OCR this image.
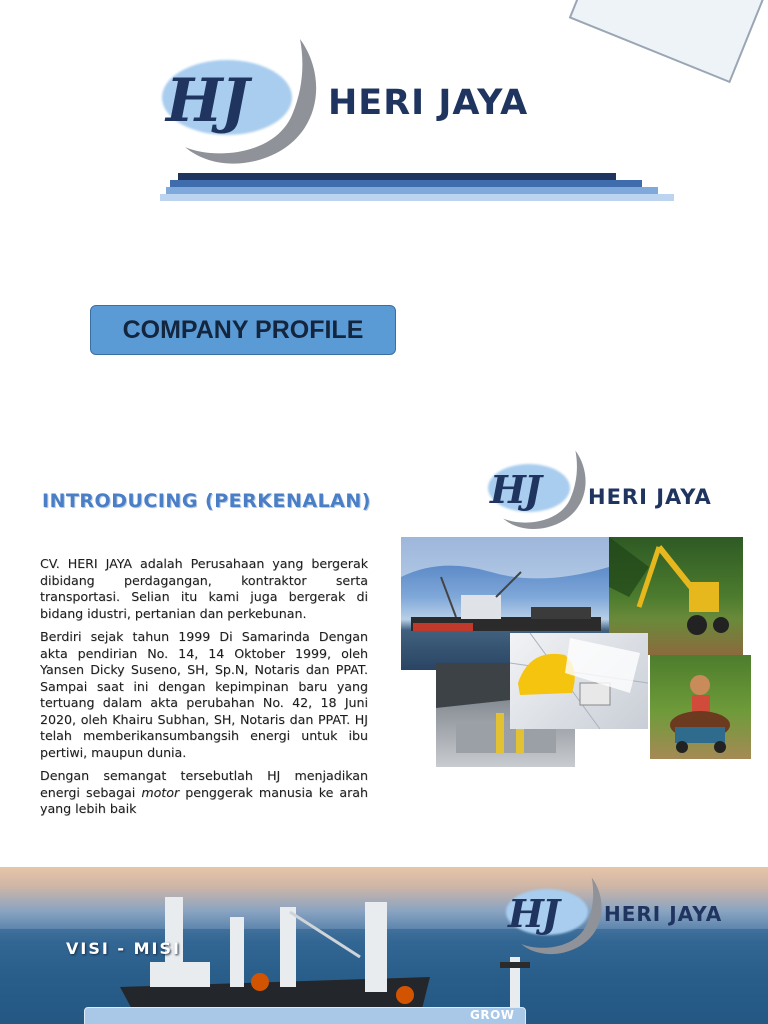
HJ HERI JAYA
COMPANY PROFILE
INTRODUCING (PERKENALAN)	HJ HERI JAYA

CV. HERI JAYA adalah Perusahaan yang bergerak dibidang perdagangan, kontraktor serta transportasi. Selian itu kami juga bergerak di bidang idustri, pertanian dan perkebunan.

Berdiri sejak tahun 1999 Di Samarinda Dengan akta pendirian No. 14, 14 Oktober 1999, oleh Yansen Dicky Suseno, SH, Sp.N, Notaris dan PPAT. Sampai saat ini dengan kepimpinan baru yang tertuang dalam akta perubahan No. 42, 18 Juni 2020, oleh Khairu Subhan, SH, Notaris dan PPAT. HJ telah memberikansumbangsih energi untuk ibu pertiwi, maupun dunia.

Dengan semangat tersebutlah HJ menjadikan energi sebagai motor penggerak manusia ke arah yang lebih baik

VISI - MISI
HJ HERI JAYA
GROW
